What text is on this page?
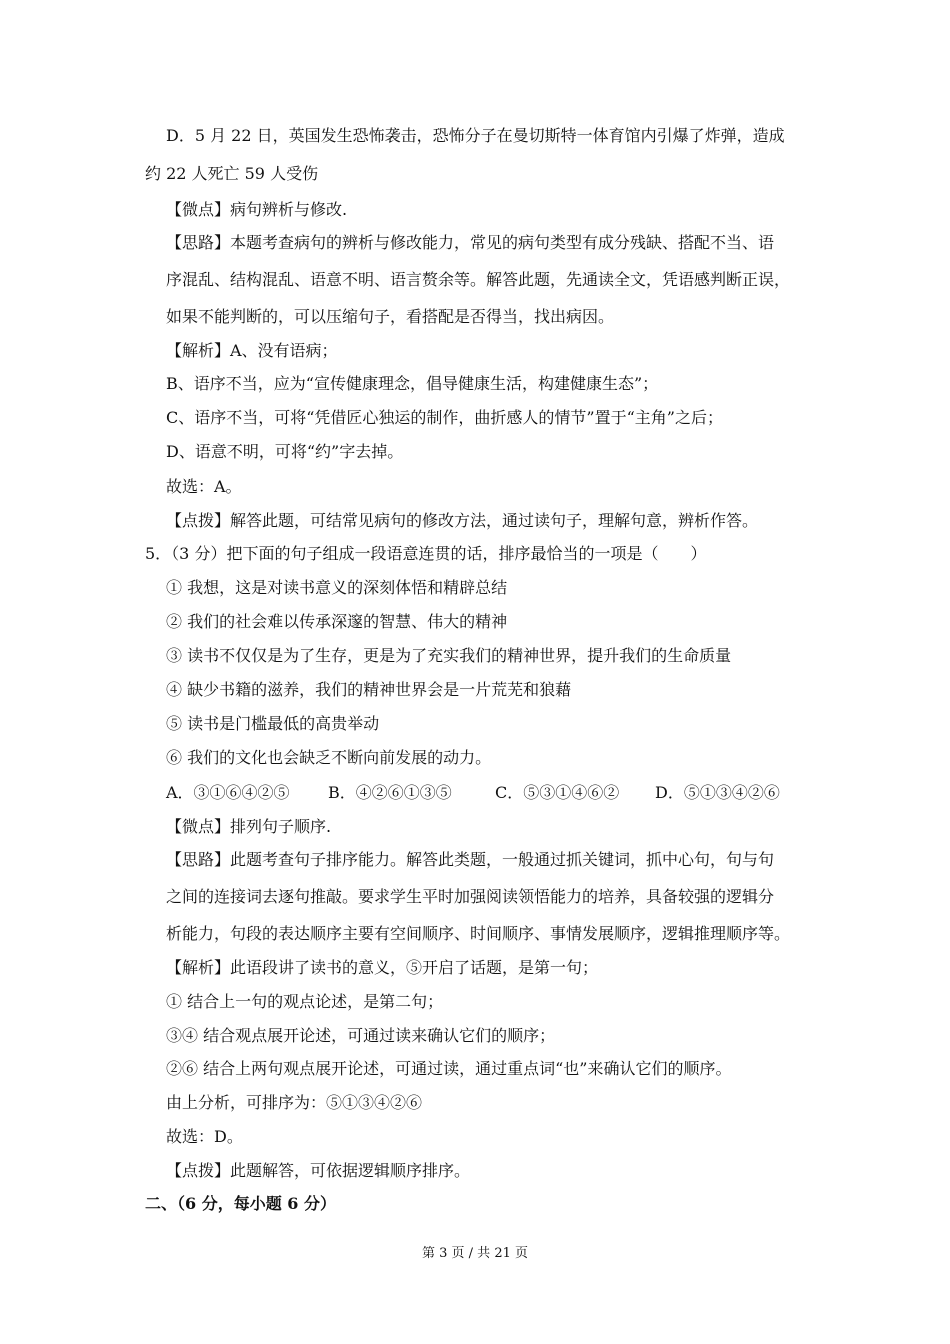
D．5 月 22 日，英国发生恐怖袭击，恐怖分子在曼切斯特一体育馆内引爆了炸弹，造成
约 22 人死亡 59 人受伤
【微点】病句辨析与修改.
【思路】本题考查病句的辨析与修改能力，常见的病句类型有成分残缺、搭配不当、语
序混乱、结构混乱、语意不明、语言赘余等。解答此题，先通读全文，凭语感判断正误，
如果不能判断的，可以压缩句子，看搭配是否得当，找出病因。
【解析】A、没有语病；
B、语序不当，应为“宣传健康理念，倡导健康生活，构建健康生态”；
C、语序不当，可将“凭借匠心独运的制作，曲折感人的情节”置于“主角”之后；
D、语意不明，可将“约”字去掉。
故选：A。
【点拨】解答此题，可结常见病句的修改方法，通过读句子，理解句意，辨析作答。
5．（3 分）把下面的句子组成一段语意连贯的话，排序最恰当的一项是（　　）
① 我想，这是对读书意义的深刻体悟和精辟总结
② 我们的社会难以传承深邃的智慧、伟大的精神
③ 读书不仅仅是为了生存，更是为了充实我们的精神世界，提升我们的生命质量
④ 缺少书籍的滋养，我们的精神世界会是一片荒芜和狼藉
⑤ 读书是门槛最低的高贵举动
⑥ 我们的文化也会缺乏不断向前发展的动力。
A．③①⑥④②⑤ B．④②⑥①③⑤	C．⑤③①④⑥② D．⑤①③④②⑥
【微点】排列句子顺序.
【思路】此题考查句子排序能力。解答此类题，一般通过抓关键词，抓中心句，句与句
之间的连接词去逐句推敲。要求学生平时加强阅读领悟能力的培养，具备较强的逻辑分
析能力，句段的表达顺序主要有空间顺序、时间顺序、事情发展顺序，逻辑推理顺序等。
【解析】此语段讲了读书的意义，⑤开启了话题，是第一句；
① 结合上一句的观点论述，是第二句；
③④ 结合观点展开论述，可通过读来确认它们的顺序；
②⑥ 结合上两句观点展开论述，可通过读，通过重点词“也”来确认它们的顺序。
由上分析，可排序为：⑤①③④②⑥
故选：D。
【点拨】此题解答，可依据逻辑顺序排序。
二、（6 分，每小题 6 分）
第 3 页 / 共 21 页
